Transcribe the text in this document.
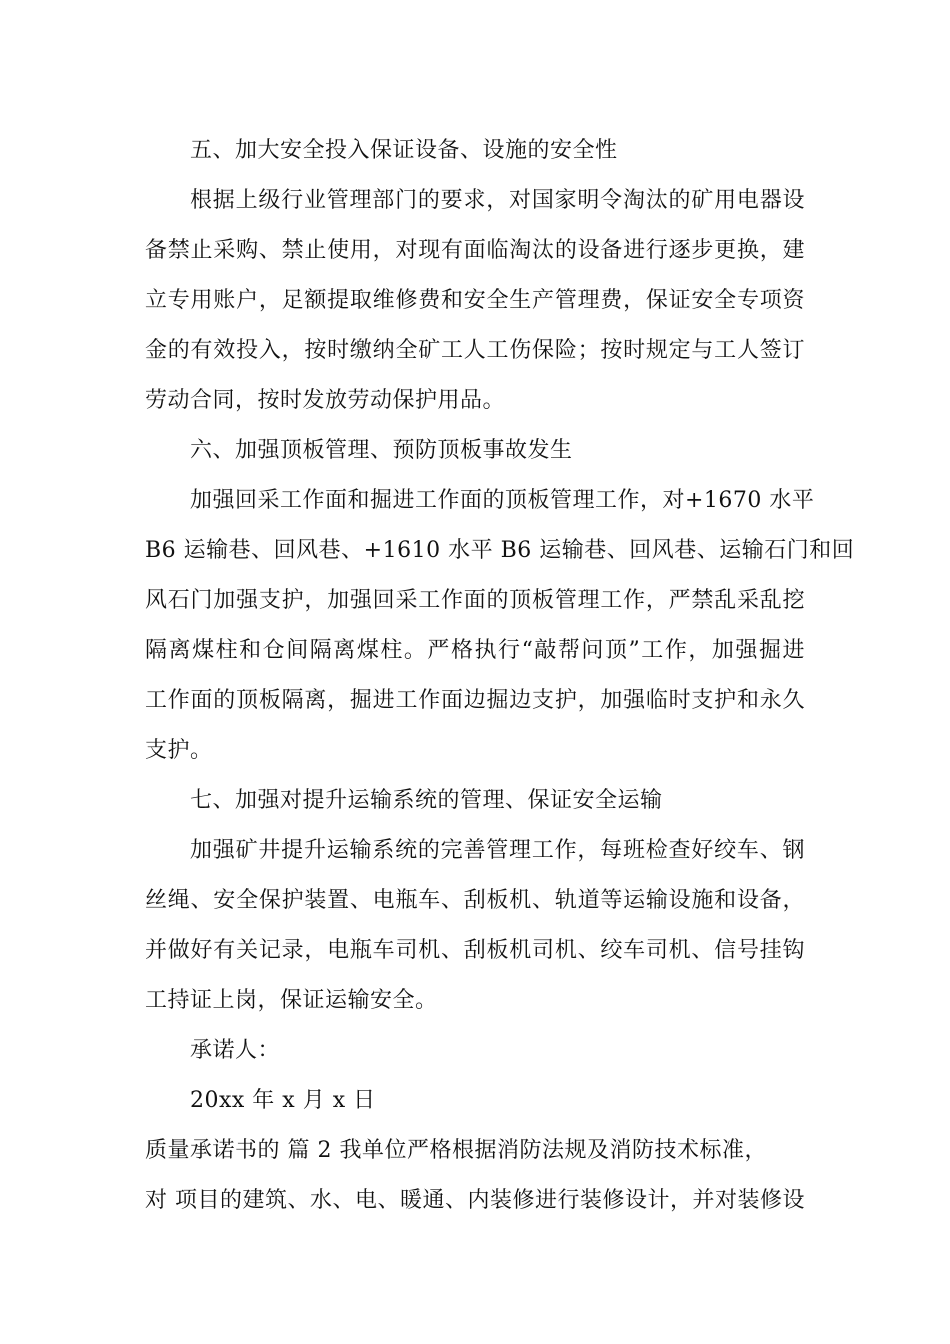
五、加大安全投入保证设备、设施的安全性
根据上级行业管理部门的要求，对国家明令淘汰的矿用电器设
备禁止采购、禁止使用，对现有面临淘汰的设备进行逐步更换，建
立专用账户，足额提取维修费和安全生产管理费，保证安全专项资
金的有效投入，按时缴纳全矿工人工伤保险；按时规定与工人签订
劳动合同，按时发放劳动保护用品。
六、加强顶板管理、预防顶板事故发生
加强回采工作面和掘进工作面的顶板管理工作，对+1670 水平
B6 运输巷、回风巷、+1610 水平 B6 运输巷、回风巷、运输石门和回
风石门加强支护，加强回采工作面的顶板管理工作，严禁乱采乱挖
隔离煤柱和仓间隔离煤柱。严格执行“敲帮问顶”工作，加强掘进
工作面的顶板隔离，掘进工作面边掘边支护，加强临时支护和永久
支护。
七、加强对提升运输系统的管理、保证安全运输
加强矿井提升运输系统的完善管理工作，每班检查好绞车、钢
丝绳、安全保护装置、电瓶车、刮板机、轨道等运输设施和设备，
并做好有关记录，电瓶车司机、刮板机司机、绞车司机、信号挂钩
工持证上岗，保证运输安全。
承诺人：
20xx 年 x 月 x 日
质量承诺书的 篇 2 我单位严格根据消防法规及消防技术标准，
对 项目的建筑、水、电、暖通、内装修进行装修设计，并对装修设
